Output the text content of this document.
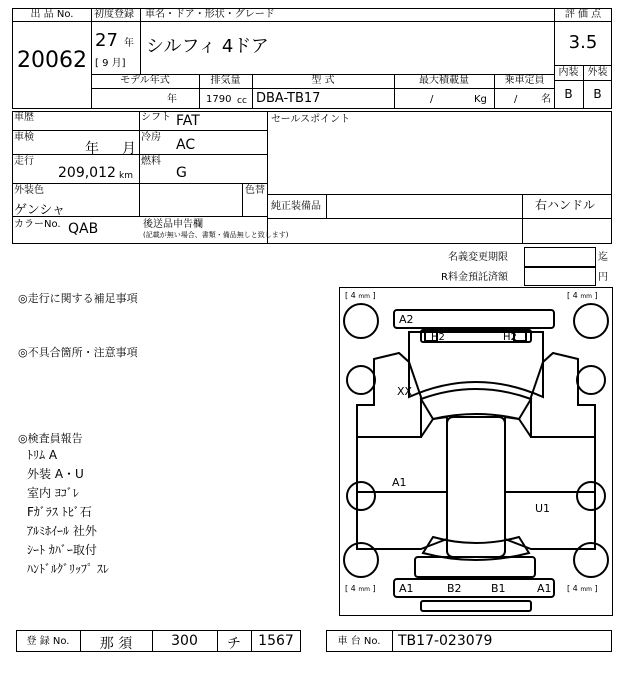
出 品 No.
20062
初度登録 車名・ドア・形状・グレード
27 年
[ 9 月]
シルフィ 4ドア
評 価 点
3.5
内装 外装
B	B
モデル年式	排気量	型 式	最大積載量	乗車定員
年	1790 cc DBA-TB17	/	Kg	/ 名
車歴	シフト FAT
車検
年 月
冷房 AC
走行
209,012 km
燃料
G
外装色	色替
ゲンシャ
カラーNo. QAB	後送品申告欄
(記載が無い場合、書類・備品無しと致します)
セールスポイント
純正装備品	右ハンドル
名義変更期限	迄
R料金預託済額	円
◎走行に関する補足事項
◎不具合箇所・注意事項
◎検査員報告
ﾄﾘﾑ A
外装 A・U
室内 ﾖｺﾞﾚ
Fｶﾞﾗｽ ﾄﾋﾞ石
ｱﾙﾐﾎｲｰﾙ 社外
ｼｰﾄ ｶﾊﾞｰ取付
ﾊﾝﾄﾞﾙｸﾞﾘｯﾌﾟ ｽﾚ
[ 4 mm ]	[ 4 mm ]
[ 4 mm ]	[ 4 mm ]
A2
H2	H2
XX
A1
U1
A1	B2	B1	A1
登 録 No.	那 須	300	チ	1567	車 台 No.	TB17-023079
